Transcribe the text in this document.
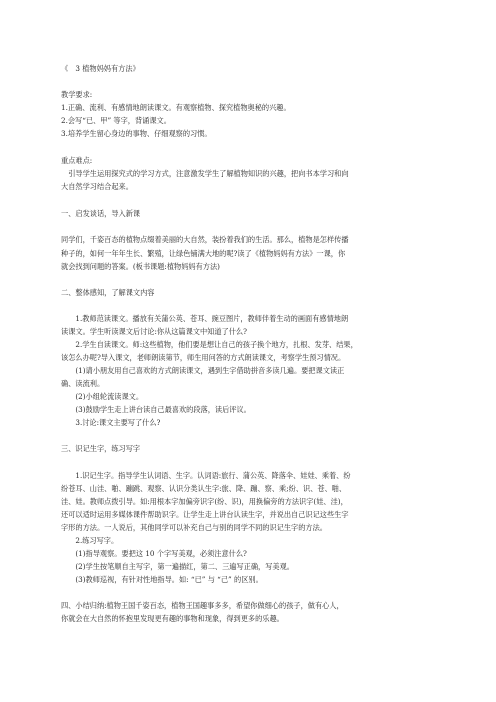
《　3 植物妈妈有方法》
教学要求:
1.正确、流利、有感情地朗读课文。有观察植物、探究植物奥秘的兴趣。
2.会写“已、甲” 等字，背诵课文。
3.培养学生留心身边的事物、仔细观察的习惯。
重点难点:
　引导学生运用探究式的学习方式，注意激发学生了解植物知识的兴趣，把向书本学习和向
大自然学习结合起来。
一、启发谈话，导入新课
同学们，千姿百态的植物点缀着美丽的大自然，装扮着我们的生活。那么，植物是怎样传播
种子的，如何一年年生长、繁殖，让绿色铺满大地的呢?读了《植物妈妈有方法》一课，你
就会找到问题的答案。(板书课题:植物妈妈有方法)
二、整体感知，了解课文内容
　　1.教师范读课文。播放有关蒲公英、苍耳、豌豆图片，教师伴着生动的画面有感情地朗
读课文。学生听读课文后讨论:你从这篇课文中知道了什么?
　　2.学生自读课文。师:这些植物，他们要是想让自己的孩子换个地方，扎根、发芽、结果，
该怎么办呢?导入课文，老师朗读第节，师生用问答的方式朗读课文，考察学生预习情况。
　　(1)请小朋友用自己喜欢的方式朗读课文，遇到生字借助拼音多读几遍。要把课文读正
确、读流利。
　　(2)小组轮流读课文。
　　(3)鼓励学生走上讲台读自己最喜欢的段落，读后评议。
　　3.讨论:课文主要写了什么?
三、识记生字，练习写字
　　1.识记生字。指导学生认词语、生字。认词语:旅行、蒲公英、降落伞、娃娃、乘着、纷
纷苍耳、山洼、啪、蹦跳、观察、认识分类认生字:旅、降、蹦、察、乘;纷、识、苍、啪、
洼、娃。教师点拨引导。如:用根本字加偏旁识字(纷、识)，用换偏旁的方法识字(娃、洼)，
还可以适时运用多媒体课件帮助识字。让学生走上讲台认读生字，并说出自己识记这些生字
字形的方法。一人说后，其他同学可以补充自己与别的同学不同的识记生字的方法。
　　2.练习写字。
　　(1)指导观察。要把这 10 个字写美观，必须注意什么?
　　(2)学生按笔顺自主写字，第一遍描红，第二、三遍写正确，写美观。
　　(3)教师巡视，有针对性地指导。如: “已” 与 “己” 的区别。
四、小结归纳:植物王国千姿百态，植物王国趣事多多，希望你做细心的孩子，做有心人，
你就会在大自然的怀抱里发现更有趣的事物和现象，得到更多的乐趣。
